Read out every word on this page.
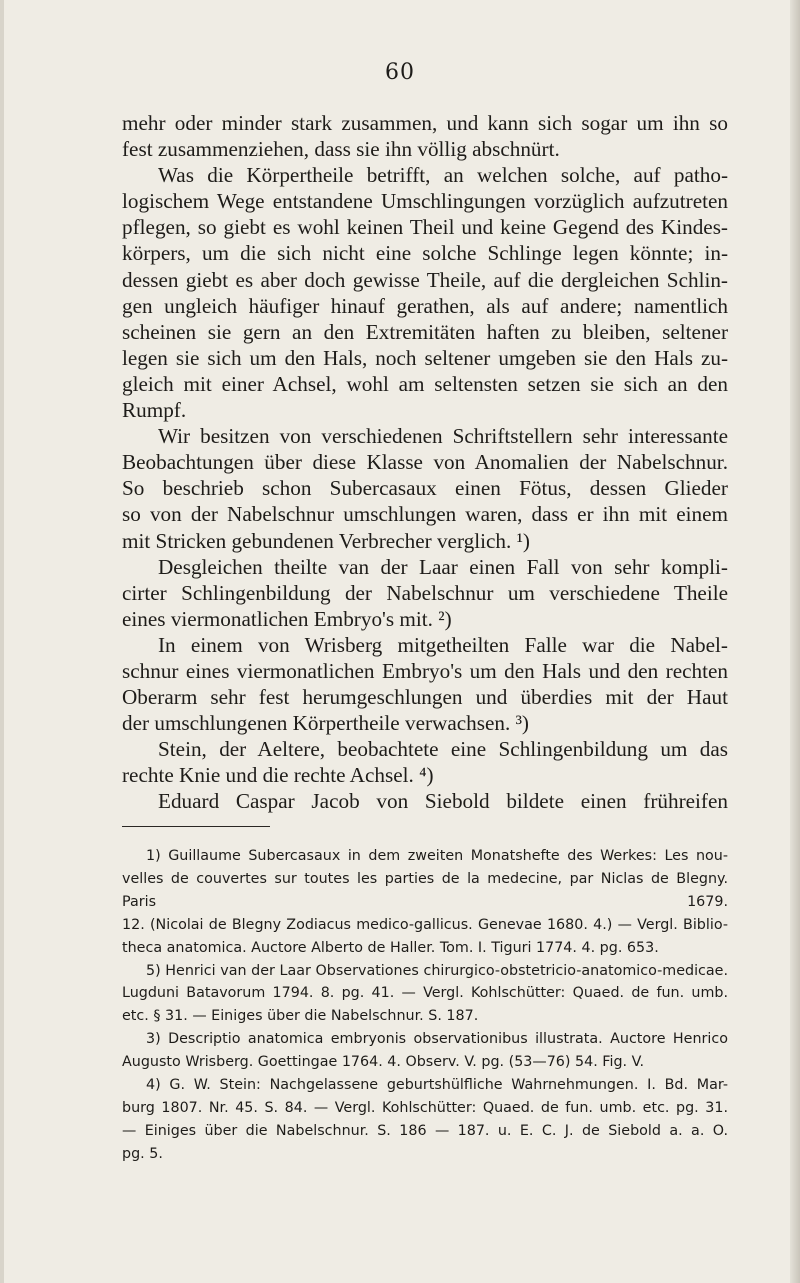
60

mehr oder minder stark zusammen, und kann sich sogar um ihn so

fest zusammenziehen, dass sie ihn völlig abschnürt.

Was die Körpertheile betrifft, an welchen solche, auf patho-

logischem Wege entstandene Umschlingungen vorzüglich aufzutreten

pflegen, so giebt es wohl keinen Theil und keine Gegend des Kindes-

körpers, um die sich nicht eine solche Schlinge legen könnte; in-

dessen giebt es aber doch gewisse Theile, auf die dergleichen Schlin-

gen ungleich häufiger hinauf gerathen, als auf andere; namentlich

scheinen sie gern an den Extremitäten haften zu bleiben, seltener

legen sie sich um den Hals, noch seltener umgeben sie den Hals zu-

gleich mit einer Achsel, wohl am seltensten setzen sie sich an den

Rumpf.

Wir besitzen von verschiedenen Schriftstellern sehr interessante

Beobachtungen über diese Klasse von Anomalien der Nabelschnur.

So beschrieb schon Subercasaux einen Fötus, dessen Glieder

so von der Nabelschnur umschlungen waren, dass er ihn mit einem

mit Stricken gebundenen Verbrecher verglich. ¹)

Desgleichen theilte van der Laar einen Fall von sehr kompli-

cirter Schlingenbildung der Nabelschnur um verschiedene Theile

eines viermonatlichen Embryo's mit. ²)

In einem von Wrisberg mitgetheilten Falle war die Nabel-

schnur eines viermonatlichen Embryo's um den Hals und den rechten

Oberarm sehr fest herumgeschlungen und überdies mit der Haut

der umschlungenen Körpertheile verwachsen. ³)

Stein, der Aeltere, beobachtete eine Schlingenbildung um das

rechte Knie und die rechte Achsel. ⁴)

Eduard Caspar Jacob von Siebold bildete einen frühreifen

1) Guillaume Subercasaux in dem zweiten Monatshefte des Werkes: Les nou-

velles de couvertes sur toutes les parties de la medecine, par Niclas de Blegny. Paris 1679.

12. (Nicolai de Blegny Zodiacus medico-gallicus. Genevae 1680. 4.) — Vergl. Biblio-

theca anatomica. Auctore Alberto de Haller. Tom. I. Tiguri 1774. 4. pg. 653.

5) Henrici van der Laar Observationes chirurgico-obstetricio-anatomico-medicae.

Lugduni Batavorum 1794. 8. pg. 41. — Vergl. Kohlschütter: Quaed. de fun. umb.

etc. § 31. — Einiges über die Nabelschnur. S. 187.

3) Descriptio anatomica embryonis observationibus illustrata. Auctore Henrico

Augusto Wrisberg. Goettingae 1764. 4. Observ. V. pg. (53—76) 54. Fig. V.

4) G. W. Stein: Nachgelassene geburtshülfliche Wahrnehmungen. I. Bd. Mar-

burg 1807. Nr. 45. S. 84. — Vergl. Kohlschütter: Quaed. de fun. umb. etc. pg. 31.

— Einiges über die Nabelschnur. S. 186 — 187. u. E. C. J. de Siebold a. a. O.

pg. 5.
